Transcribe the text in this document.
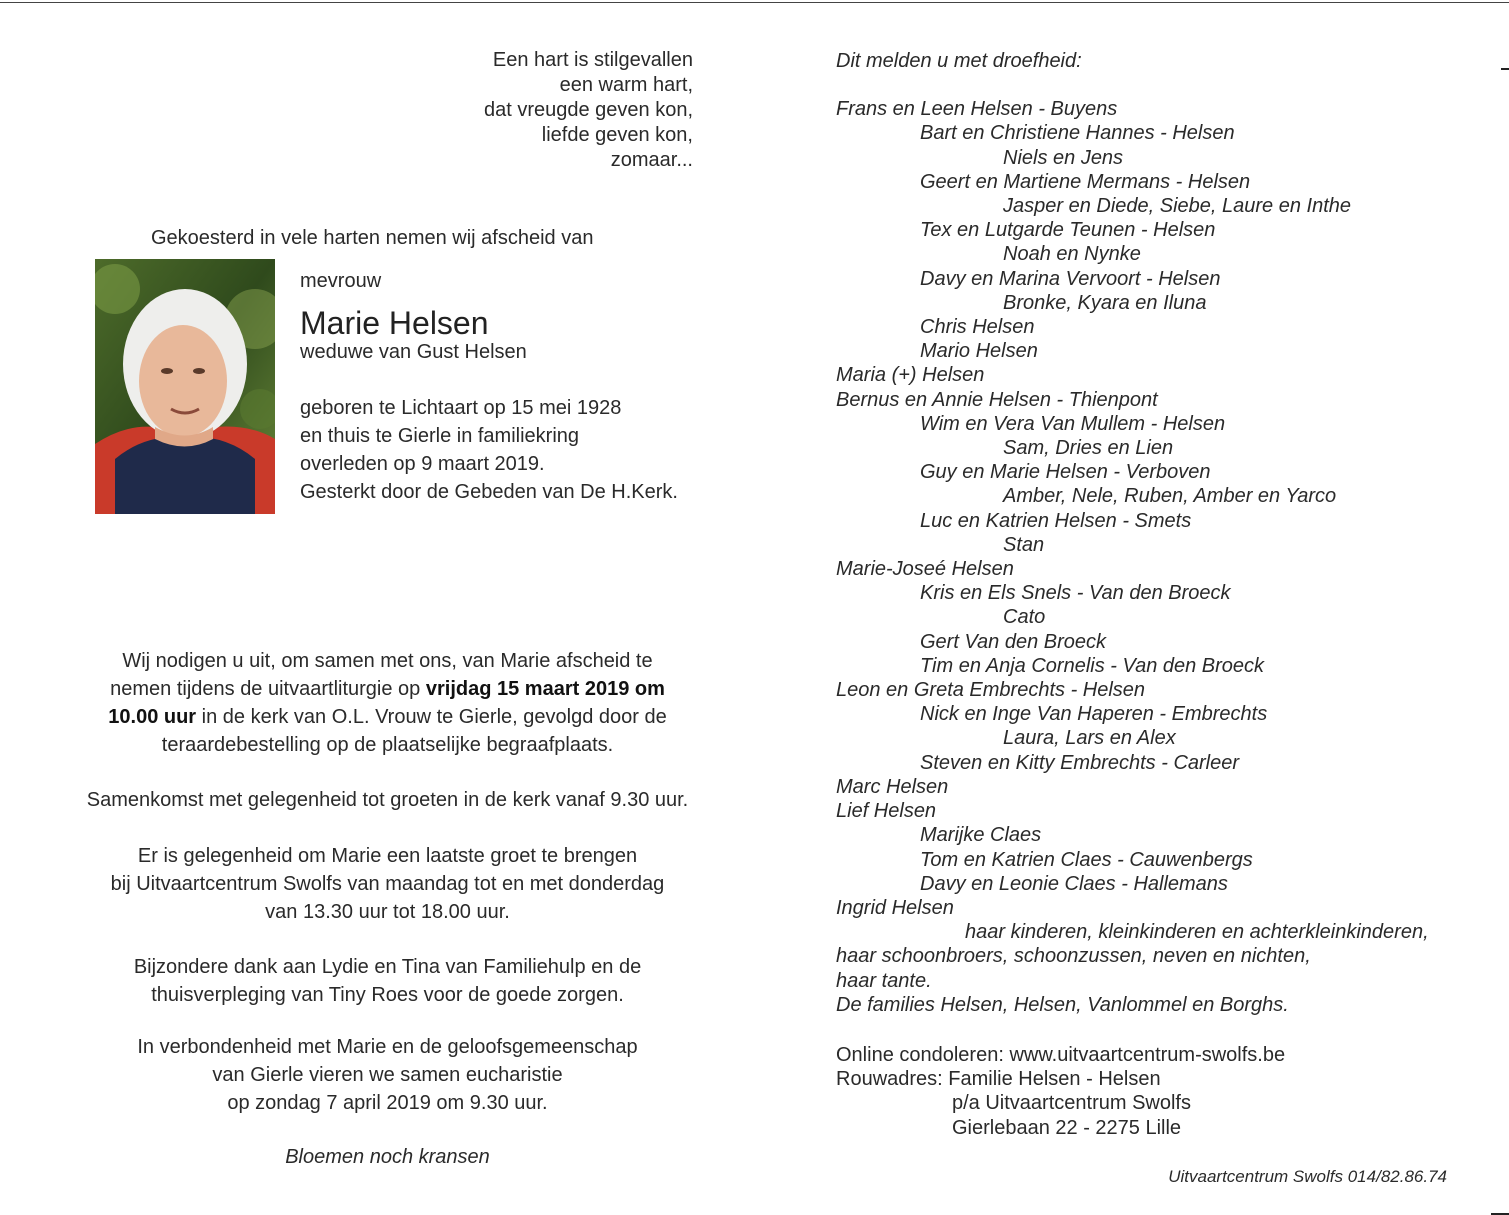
Een hart is stilgevallen
een warm hart,
dat vreugde geven kon,
liefde geven kon,
zomaar...
Gekoesterd in vele harten nemen wij afscheid van
mevrouw
Marie Helsen
weduwe van Gust Helsen
geboren te Lichtaart op 15 mei 1928
en thuis te Gierle in familiekring
overleden op 9 maart 2019.
Gesterkt door de Gebeden van De H.Kerk.
Wij nodigen u uit, om samen met ons, van Marie afscheid te
nemen tijdens de uitvaartliturgie op vrijdag 15 maart 2019 om
10.00 uur in de kerk van O.L. Vrouw te Gierle, gevolgd door de
teraardebestelling op de plaatselijke begraafplaats.
Samenkomst met gelegenheid tot groeten in de kerk vanaf 9.30 uur.
Er is gelegenheid om Marie een laatste groet te brengen
bij Uitvaartcentrum Swolfs van maandag tot en met donderdag
van 13.30 uur tot 18.00 uur.
Bijzondere dank aan Lydie en Tina van Familiehulp en de
thuisverpleging van Tiny Roes voor de goede zorgen.
In verbondenheid met Marie en de geloofsgemeenschap
van Gierle vieren we samen eucharistie
op zondag 7 april 2019 om 9.30 uur.
Bloemen noch kransen
Dit melden u met droefheid:
Frans en Leen Helsen - Buyens
Bart en Christiene Hannes - Helsen
Niels en Jens
Geert en Martiene Mermans - Helsen
Jasper en Diede, Siebe, Laure en Inthe
Tex en Lutgarde Teunen - Helsen
Noah en Nynke
Davy en Marina Vervoort - Helsen
Bronke, Kyara en Iluna
Chris Helsen
Mario Helsen
Maria (+) Helsen
Bernus en Annie Helsen - Thienpont
Wim en Vera Van Mullem - Helsen
Sam, Dries en Lien
Guy en Marie Helsen - Verboven
Amber, Nele, Ruben, Amber en Yarco
Luc en Katrien Helsen - Smets
Stan
Marie-Joseé Helsen
Kris en Els Snels - Van den Broeck
Cato
Gert Van den Broeck
Tim en Anja Cornelis - Van den Broeck
Leon en Greta Embrechts - Helsen
Nick en Inge Van Haperen - Embrechts
Laura, Lars en Alex
Steven en Kitty Embrechts - Carleer
Marc Helsen
Lief Helsen
Marijke Claes
Tom en Katrien Claes - Cauwenbergs
Davy en Leonie Claes - Hallemans
Ingrid Helsen
haar kinderen, kleinkinderen en achterkleinkinderen,
haar schoonbroers, schoonzussen, neven en nichten,
haar tante.
De families Helsen, Helsen, Vanlommel en Borghs.
Online condoleren: www.uitvaartcentrum-swolfs.be
Rouwadres: Familie Helsen - Helsen
p/a Uitvaartcentrum Swolfs
Gierlebaan 22 - 2275 Lille
Uitvaartcentrum Swolfs 014/82.86.74
